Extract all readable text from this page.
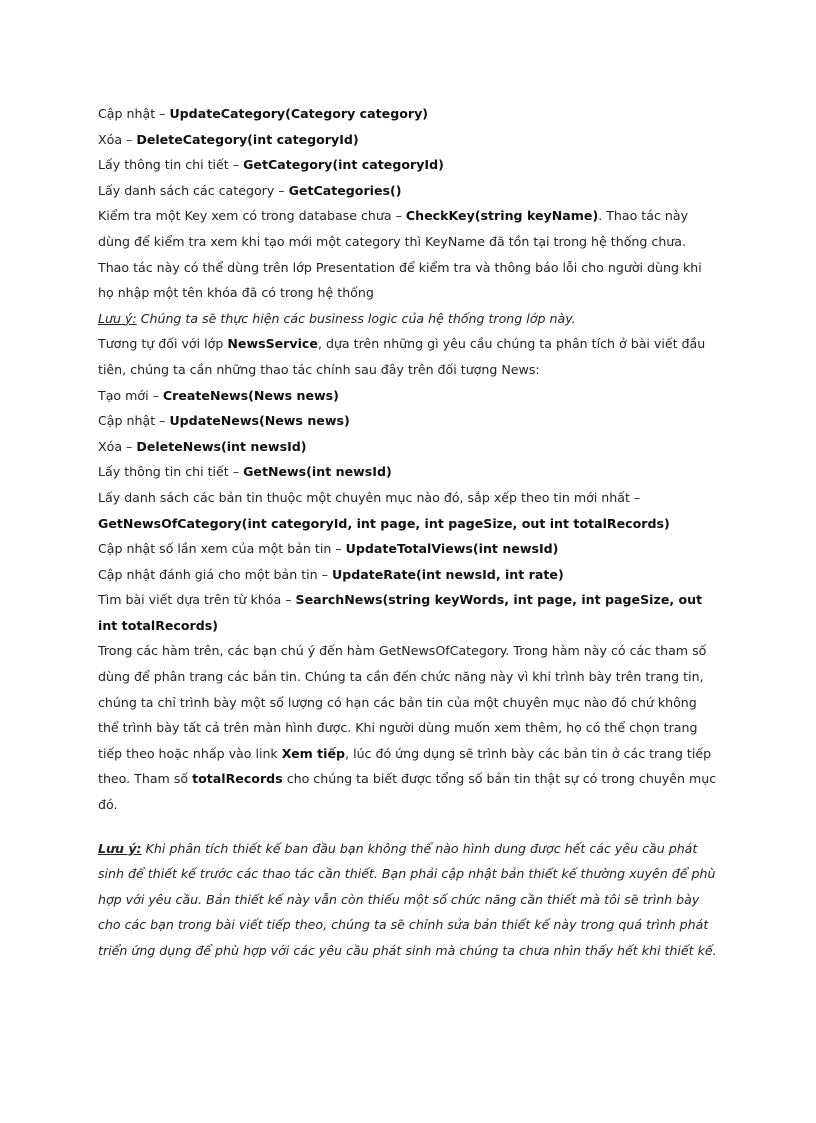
Cập nhật – UpdateCategory(Category category)
Xóa – DeleteCategory(int categoryId)
Lấy thông tin chi tiết – GetCategory(int categoryId)
Lấy danh sách các category – GetCategories()
Kiểm tra một Key xem có trong database chưa – CheckKey(string keyName). Thao tác này dùng để kiểm tra xem khi tạo mới một category thì KeyName đã tồn tại trong hệ thống chưa. Thao tác này có thể dùng trên lớp Presentation để kiểm tra và thông báo lỗi cho người dùng khi họ nhập một tên khóa đã có trong hệ thống
Lưu ý: Chúng ta sẽ thực hiện các business logic của hệ thống trong lớp này.
Tương tự đối với lớp NewsService, dựa trên những gì yêu cầu chúng ta phân tích ở bài viết đầu tiên, chúng ta cần những thao tác chính sau đây trên đối tượng News:
Tạo mới – CreateNews(News news)
Cập nhật – UpdateNews(News news)
Xóa – DeleteNews(int newsId)
Lấy thông tin chi tiết – GetNews(int newsId)
Lấy danh sách các bản tin thuộc một chuyên mục nào đó, sắp xếp theo tin mới nhất – GetNewsOfCategory(int categoryId, int page, int pageSize, out int totalRecords)
Cập nhật số lần xem của một bản tin – UpdateTotalViews(int newsId)
Cập nhật đánh giá cho một bản tin – UpdateRate(int newsId, int rate)
Tìm bài viết dựa trên từ khóa – SearchNews(string keyWords, int page, int pageSize, out int totalRecords)
Trong các hàm trên, các bạn chú ý đến hàm GetNewsOfCategory. Trong hàm này có các tham số dùng để phân trang các bản tin. Chúng ta cần đến chức năng này vì khi trình bày trên trang tin, chúng ta chỉ trình bày một số lượng có hạn các bản tin của một chuyên mục nào đó chứ không thể trình bày tất cả trên màn hình được. Khi người dùng muốn xem thêm, họ có thể chọn trang tiếp theo hoặc nhấp vào link Xem tiếp, lúc đó ứng dụng sẽ trình bày các bản tin ở các trang tiếp theo. Tham số totalRecords cho chúng ta biết được tổng số bản tin thật sự có trong chuyên mục đó.
Lưu ý: Khi phân tích thiết kế ban đầu bạn không thể nào hình dung được hết các yêu cầu phát sinh để thiết kế trước các thao tác cần thiết. Bạn phải cập nhật bản thiết kế thường xuyên để phù hợp với yêu cầu. Bản thiết kế này vẫn còn thiếu một số chức năng cần thiết mà tôi sẽ trình bày cho các bạn trong bài viết tiếp theo, chúng ta sẽ chỉnh sửa bản thiết kế này trong quá trình phát triển ứng dụng để phù hợp với các yêu cầu phát sinh mà chúng ta chưa nhìn thấy hết khi thiết kế.
